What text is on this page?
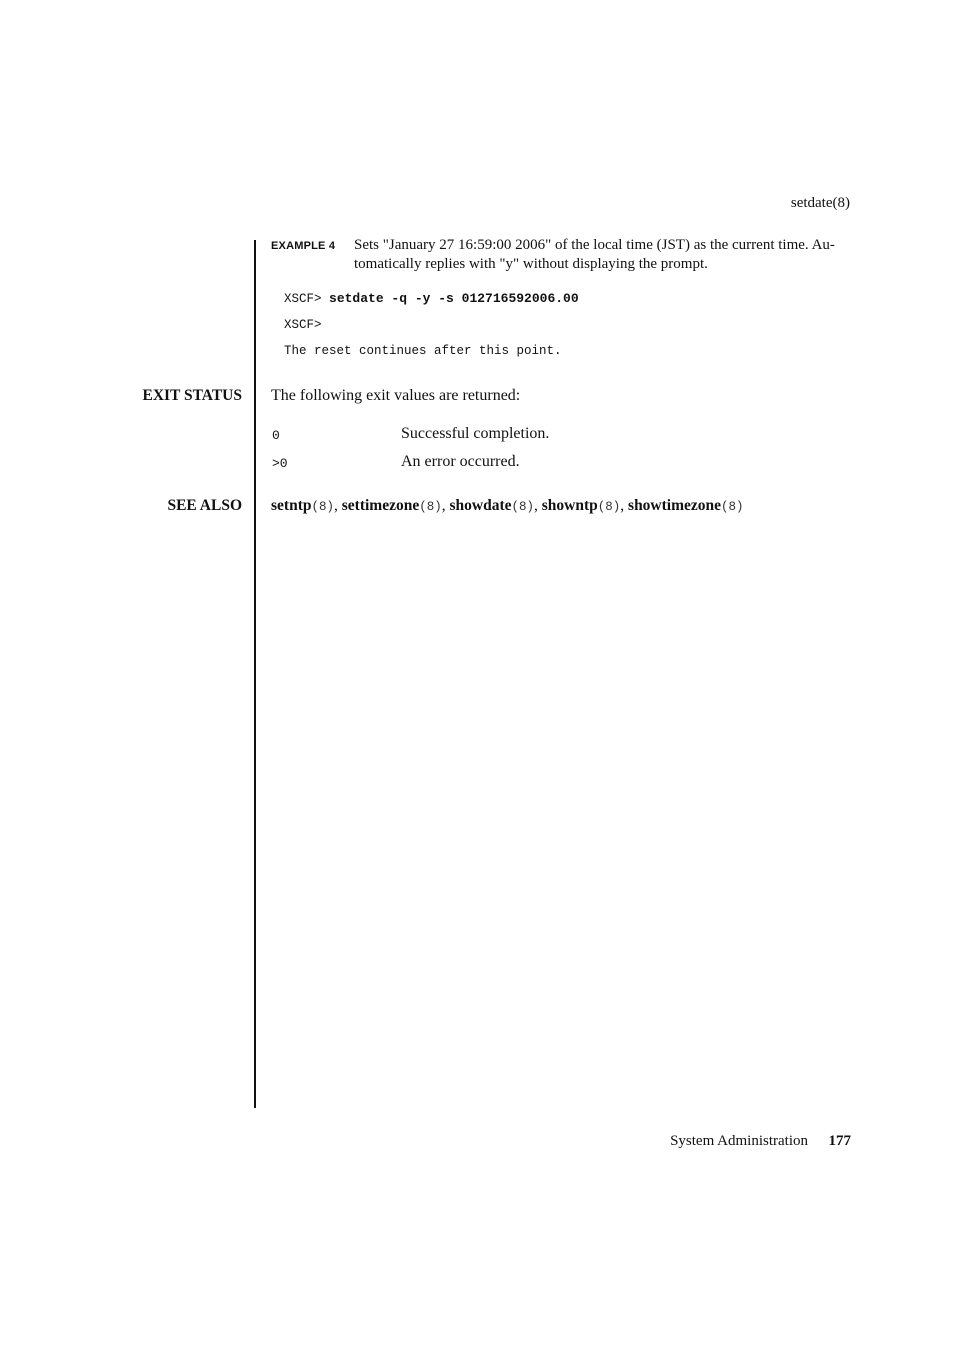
setdate(8)
EXAMPLE 4 Sets "January 27 16:59:00 2006" of the local time (JST) as the current time. Au-
tomatically replies with "y" without displaying the prompt.
XSCF> setdate -q -y -s 012716592006.00
XSCF>
The reset continues after this point.
EXIT STATUS The following exit values are returned:
0	Successful completion.
>0	An error occurred.
SEE ALSO setntp(8), settimezone(8), showdate(8), showntp(8), showtimezone(8)
System Administration 177
